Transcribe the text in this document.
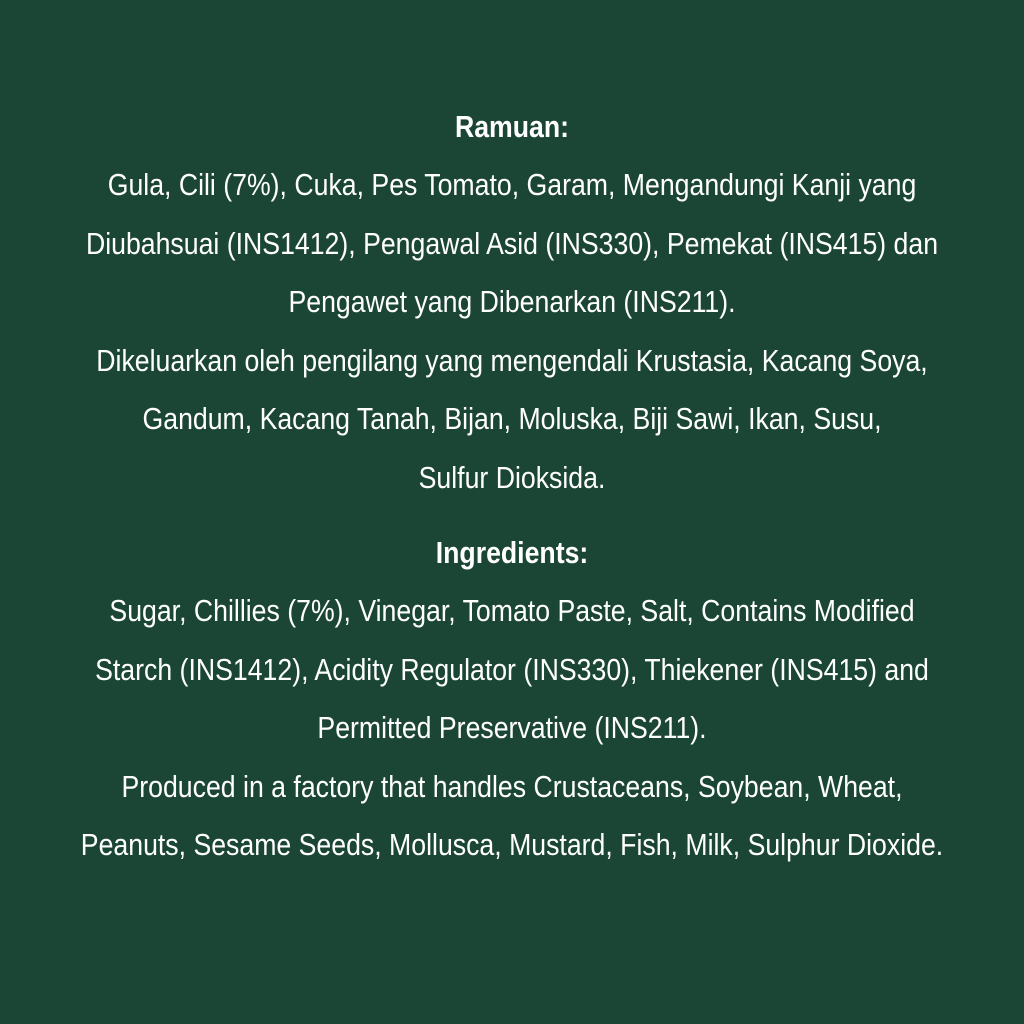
Ramuan:
Gula, Cili (7%), Cuka, Pes Tomato, Garam, Mengandungi Kanji yang
Diubahsuai (INS1412), Pengawal Asid (INS330), Pemekat (INS415) dan
Pengawet yang Dibenarkan (INS211).
Dikeluarkan oleh pengilang yang mengendali Krustasia, Kacang Soya,
Gandum, Kacang Tanah, Bijan, Moluska, Biji Sawi, Ikan, Susu,
Sulfur Dioksida.
Ingredients:
Sugar, Chillies (7%), Vinegar, Tomato Paste, Salt, Contains Modified
Starch (INS1412), Acidity Regulator (INS330), Thiekener (INS415) and
Permitted Preservative (INS211).
Produced in a factory that handles Crustaceans, Soybean, Wheat,
Peanuts, Sesame Seeds, Mollusca, Mustard, Fish, Milk, Sulphur Dioxide.
